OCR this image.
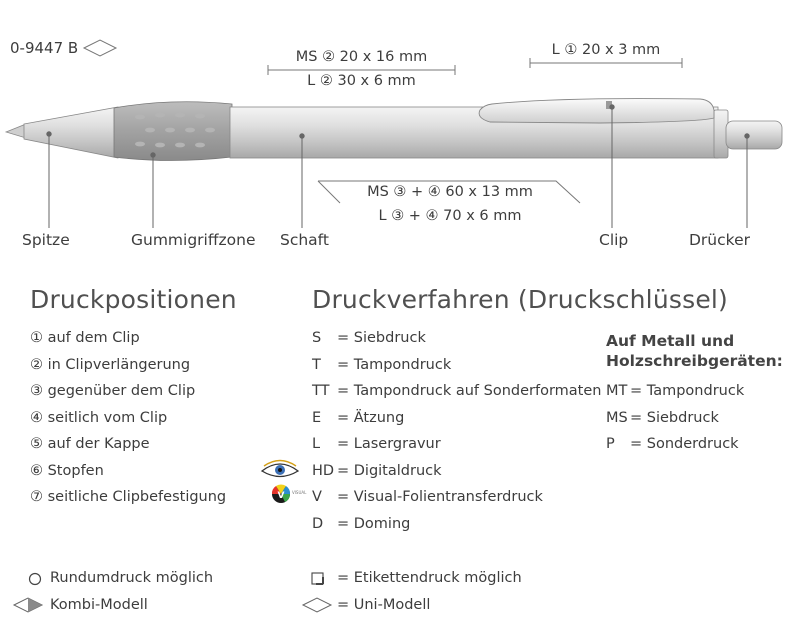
V VISUAL
0-9447 B	MS ② 20 x 16 mm
L ② 30 x 6 mm
L ① 20 x 3 mm
MS ③ + ④ 60 x 13 mm
L ③ + ④ 70 x 6 mm
Spitze	Gummigriffzone Schaft	Clip	Drücker
Druckpositionen
① auf dem Clip
② in Clipverlängerung
③ gegenüber dem Clip
④ seitlich vom Clip
⑤ auf der Kappe
⑥ Stopfen
⑦ seitliche Clipbefestigung
Druckverfahren (Druckschlüssel)
S = Siebdruck
T = Tampondruck
TT = Tampondruck auf Sonderformaten
E = Ätzung
L = Lasergravur
HD = Digitaldruck
V = Visual-Folientransferdruck
D = Doming
Auf Metall und
Holzschreibgeräten:
MT = Tampondruck
MS = Siebdruck
P = Sonderdruck
Rundumdruck möglich
Kombi-Modell
= Etikettendruck möglich
= Uni-Modell
